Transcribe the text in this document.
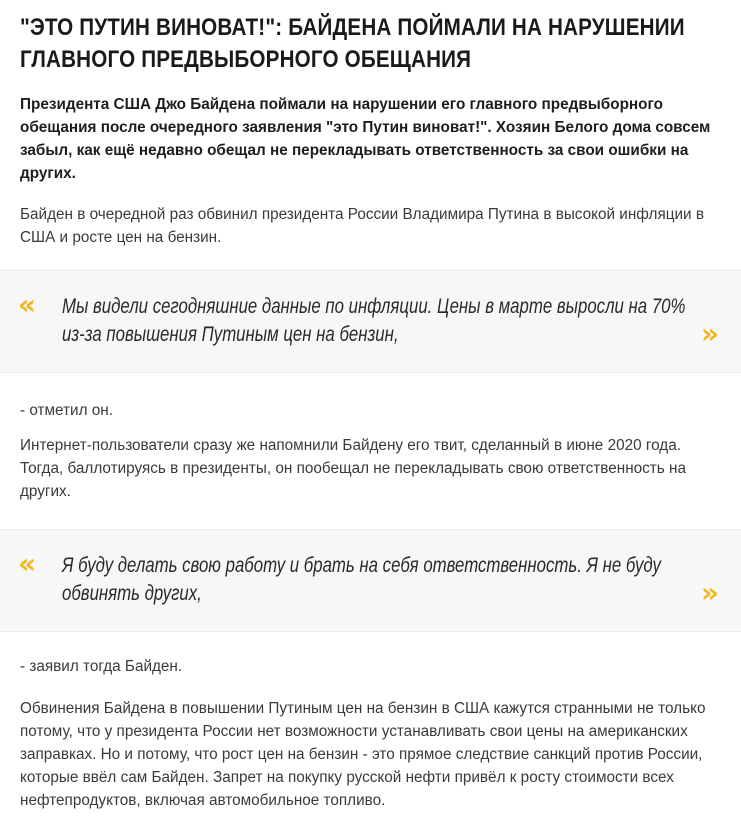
"ЭТО ПУТИН ВИНОВАТ!": БАЙДЕНА ПОЙМАЛИ НА НАРУШЕНИИ ГЛАВНОГО ПРЕДВЫБОРНОГО ОБЕЩАНИЯ

Президента США Джо Байдена поймали на нарушении его главного предвыборного обещания после очередного заявления "это Путин виноват!". Хозяин Белого дома совсем забыл, как ещё недавно обещал не перекладывать ответственность за свои ошибки на других.

Байден в очередной раз обвинил президента России Владимира Путина в высокой инфляции в США и росте цен на бензин.

« Мы видели сегодняшние данные по инфляции. Цены в марте выросли на 70% из-за повышения Путиным цен на бензин,	»

- отметил он.

Интернет-пользователи сразу же напомнили Байдену его твит, сделанный в июне 2020 года. Тогда, баллотируясь в президенты, он пообещал не перекладывать свою ответственность на других.

« Я буду делать свою работу и брать на себя ответственность. Я не буду обвинять других,	»

- заявил тогда Байден.

Обвинения Байдена в повышении Путиным цен на бензин в США кажутся странными не только потому, что у президента России нет возможности устанавливать свои цены на американских заправках. Но и потому, что рост цен на бензин - это прямое следствие санкций против России, которые ввёл сам Байден. Запрет на покупку русской нефти привёл к росту стоимости всех нефтепродуктов, включая автомобильное топливо.
